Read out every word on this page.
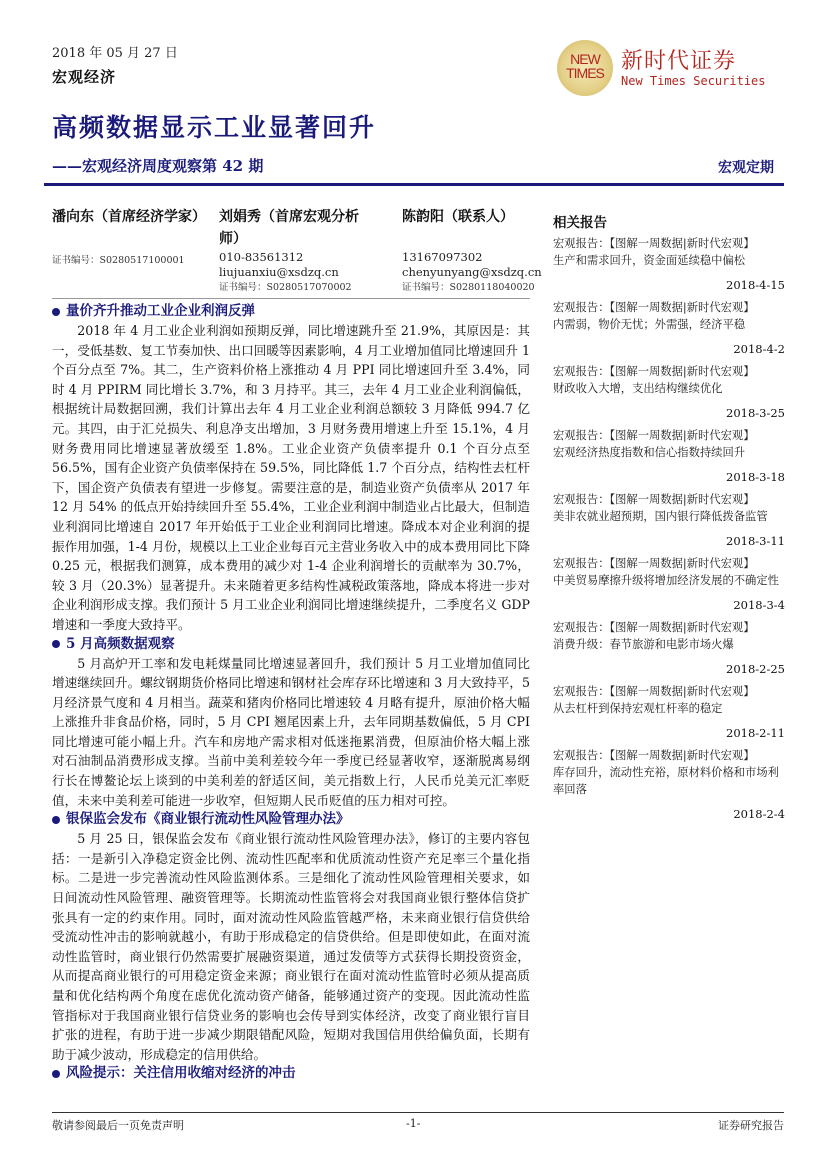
2018 年 05 月 27 日
宏观经济
高频数据显示工业显著回升
——宏观经济周度观察第 42 期	宏观定期
NEW
TIMES 新时代证券
New Times Securities
潘向东（首席经济学家）
证书编号：S0280517100001
刘娟秀（首席宏观分析师）
010-83561312
liujuanxiu@xsdzq.cn
证书编号：S0280517070002
陈韵阳（联系人）
13167097302
chenyunyang@xsdzq.cn
证书编号：S0280118040020
量价齐升推动工业企业利润反弹

2018 年 4 月工业企业利润如预期反弹，同比增速跳升至 21.9%，其原因是：其一，受低基数、复工节奏加快、出口回暖等因素影响，4 月工业增加值同比增速回升 1 个百分点至 7%。其二，生产资料价格上涨推动 4 月 PPI 同比增速回升至 3.4%，同时 4 月 PPIRM 同比增长 3.7%，和 3 月持平。其三，去年 4 月工业企业利润偏低，根据统计局数据回溯，我们计算出去年 4 月工业企业利润总额较 3 月降低 994.7 亿元。其四，由于汇兑损失、利息净支出增加，3 月财务费用增速上升至 15.1%，4 月财务费用同比增速显著放缓至 1.8%。工业企业资产负债率提升 0.1 个百分点至 56.5%，国有企业资产负债率保持在 59.5%，同比降低 1.7 个百分点，结构性去杠杆下，国企资产负债表有望进一步修复。需要注意的是，制造业资产负债率从 2017 年 12 月 54% 的低点开始持续回升至 55.4%，工业企业利润中制造业占比最大，但制造业利润同比增速自 2017 年开始低于工业企业利润同比增速。降成本对企业利润的提振作用加强，1-4 月份，规模以上工业企业每百元主营业务收入中的成本费用同比下降 0.25 元，根据我们测算，成本费用的减少对 1-4 企业利润增长的贡献率为 30.7%，较 3 月（20.3%）显著提升。未来随着更多结构性减税政策落地，降成本将进一步对企业利润形成支撑。我们预计 5 月工业企业利润同比增速继续提升，二季度名义 GDP 增速和一季度大致持平。

5 月高频数据观察

5 月高炉开工率和发电耗煤量同比增速显著回升，我们预计 5 月工业增加值同比增速继续回升。螺纹钢期货价格同比增速和钢材社会库存环比增速和 3 月大致持平，5 月经济景气度和 4 月相当。蔬菜和猪肉价格同比增速较 4 月略有提升，原油价格大幅上涨推升非食品价格，同时，5 月 CPI 翘尾因素上升，去年同期基数偏低，5 月 CPI 同比增速可能小幅上升。汽车和房地产需求相对低迷拖累消费，但原油价格大幅上涨对石油制品消费形成支撑。当前中美利差较今年一季度已经显著收窄，逐渐脱离易纲行长在博鳌论坛上谈到的中美利差的舒适区间，美元指数上行，人民币兑美元汇率贬值，未来中美利差可能进一步收窄，但短期人民币贬值的压力相对可控。

银保监会发布《商业银行流动性风险管理办法》

5 月 25 日，银保监会发布《商业银行流动性风险管理办法》，修订的主要内容包括：一是新引入净稳定资金比例、流动性匹配率和优质流动性资产充足率三个量化指标。二是进一步完善流动性风险监测体系。三是细化了流动性风险管理相关要求，如日间流动性风险管理、融资管理等。长期流动性监管将会对我国商业银行整体信贷扩张具有一定的约束作用。同时，面对流动性风险监管越严格，未来商业银行信贷供给受流动性冲击的影响就越小，有助于形成稳定的信贷供给。但是即使如此，在面对流动性监管时，商业银行仍然需要扩展融资渠道，通过发债等方式获得长期投资资金，从而提高商业银行的可用稳定资金来源；商业银行在面对流动性监管时必须从提高质量和优化结构两个角度在虑优化流动资产储备，能够通过资产的变现。因此流动性监管指标对于我国商业银行信贷业务的影响也会传导到实体经济，改变了商业银行盲目扩张的进程，有助于进一步减少期限错配风险，短期对我国信用供给偏负面，长期有助于减少波动，形成稳定的信用供给。

风险提示：关注信用收缩对经济的冲击
相关报告
宏观报告：【图解一周数据|新时代宏观】
生产和需求回升，资金面延续稳中偏松
2018-4-15
宏观报告：【图解一周数据|新时代宏观】
内需弱，物价无忧；外需强，经济平稳
2018-4-2
宏观报告：【图解一周数据|新时代宏观】
财政收入大增，支出结构继续优化
2018-3-25
宏观报告：【图解一周数据|新时代宏观】
宏观经济热度指数和信心指数持续回升
2018-3-18
宏观报告：【图解一周数据|新时代宏观】
美非农就业超预期，国内银行降低拨备监管
2018-3-11
宏观报告：【图解一周数据|新时代宏观】
中美贸易摩擦升级将增加经济发展的不确定性
2018-3-4
宏观报告：【图解一周数据|新时代宏观】
消费升级：春节旅游和电影市场火爆
2018-2-25
宏观报告：【图解一周数据|新时代宏观】
从去杠杆到保持宏观杠杆率的稳定
2018-2-11
宏观报告：【图解一周数据|新时代宏观】
库存回升，流动性充裕，原材料价格和市场利率回落
2018-2-4
敬请参阅最后一页免责声明	-1-	证券研究报告
